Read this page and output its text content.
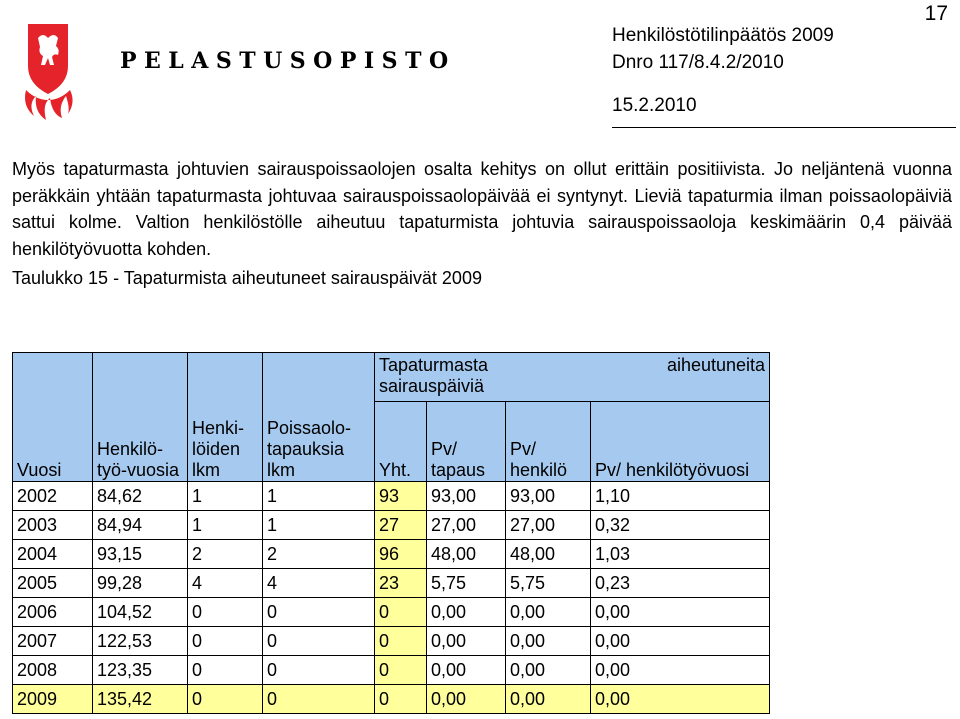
17
PELASTUSOPISTO
Henkilöstötilinpäätös 2009
Dnro 117/8.4.2/2010
15.2.2010

Myös tapaturmasta johtuvien sairauspoissaolojen osalta kehitys on ollut erittäin positiivista. Jo neljäntenä vuonna peräkkäin yhtään tapaturmasta johtuvaa sairauspoissaolopäivää ei syntynyt. Lieviä tapaturmia ilman poissaolopäiviä sattui kolme. Valtion henkilöstölle aiheutuu tapaturmista johtuvia sairauspoissaoloja keskimäärin 0,4 päivää henkilötyövuotta kohden.

Taulukko 15 - Tapaturmista aiheutuneet sairauspäivät 2009
Vuosi	Henkilö-työ-vuosia	Henki-löiden lkm	Poissaolo-tapauksia lkm	Tapaturmasta sairauspäiviä
aiheutuneita			

				Yht.	Pv/ tapaus	Pv/ henkilö	Pv/ henkilötyövuosi

2002	84,62	1	1	93	93,00	93,00	1,10
2003	84,94	1	1	27	27,00	27,00	0,32
2004	93,15	2	2	96	48,00	48,00	1,03
2005	99,28	4	4	23	5,75	5,75	0,23
2006	104,52	0	0	0	0,00	0,00	0,00
2007	122,53	0	0	0	0,00	0,00	0,00
2008	123,35	0	0	0	0,00	0,00	0,00
2009	135,42	0	0	0	0,00	0,00	0,00
